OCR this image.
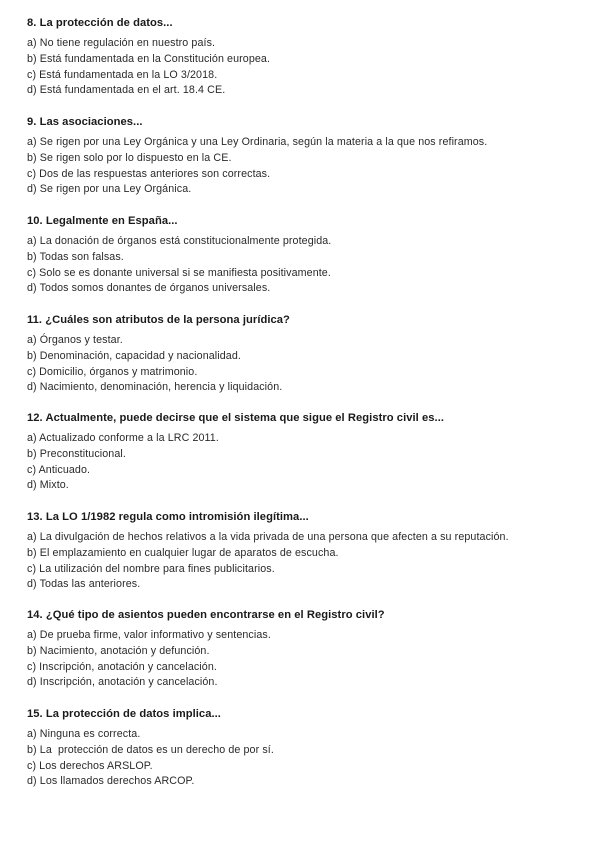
8. La protección de datos...
a) No tiene regulación en nuestro país.
b) Está fundamentada en la Constitución europea.
c) Está fundamentada en la LO 3/2018.
d) Está fundamentada en el art. 18.4 CE.
9. Las asociaciones...
a) Se rigen por una Ley Orgánica y una Ley Ordinaria, según la materia a la que nos refiramos.
b) Se rigen solo por lo dispuesto en la CE.
c) Dos de las respuestas anteriores son correctas.
d) Se rigen por una Ley Orgánica.
10. Legalmente en España...
a) La donación de órganos está constitucionalmente protegida.
b) Todas son falsas.
c) Solo se es donante universal si se manifiesta positivamente.
d) Todos somos donantes de órganos universales.
11. ¿Cuáles son atributos de la persona jurídica?
a) Órganos y testar.
b) Denominación, capacidad y nacionalidad.
c) Domicilio, órganos y matrimonio.
d) Nacimiento, denominación, herencia y liquidación.
12. Actualmente, puede decirse que el sistema que sigue el Registro civil es...
a) Actualizado conforme a la LRC 2011.
b) Preconstitucional.
c) Anticuado.
d) Mixto.
13. La LO 1/1982 regula como intromisión ilegítima...
a) La divulgación de hechos relativos a la vida privada de una persona que afecten a su reputación.
b) El emplazamiento en cualquier lugar de aparatos de escucha.
c) La utilización del nombre para fines publicitarios.
d) Todas las anteriores.
14. ¿Qué tipo de asientos pueden encontrarse en el Registro civil?
a) De prueba firme, valor informativo y sentencias.
b) Nacimiento, anotación y defunción.
c) Inscripción, anotación y cancelación.
d) Inscripción, anotación y cancelación.
15. La protección de datos implica...
a) Ninguna es correcta.
b) La  protección de datos es un derecho de por sí.
c) Los derechos ARSLOP.
d) Los llamados derechos ARCOP.
